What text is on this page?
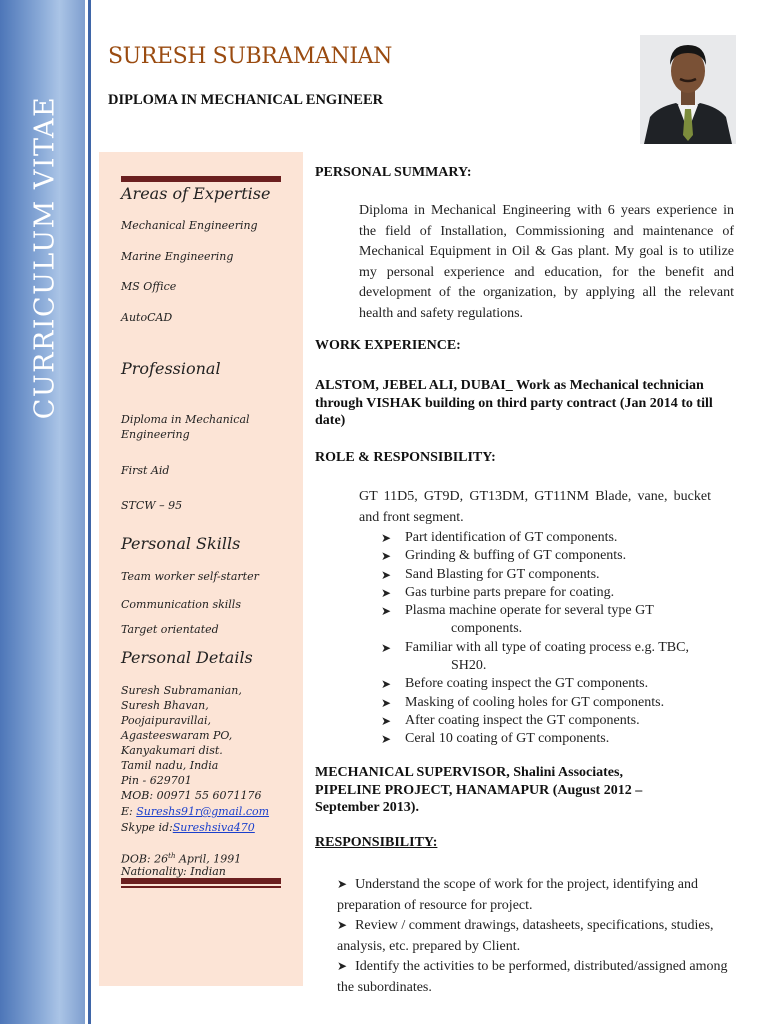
CURRICULUM VITAE
SURESH SUBRAMANIAN
DIPLOMA IN MECHANICAL ENGINEER
Areas of Expertise
Mechanical Engineering
Marine Engineering
MS Office
AutoCAD
Professional
Diploma in Mechanical Engineering
First Aid
STCW – 95
Personal Skills
Team worker self-starter
Communication skills
Target orientated
Personal Details
Suresh Subramanian,
Suresh Bhavan,
Poojaipuravillai,
Agasteeswaram PO,
Kanyakumari dist.
Tamil nadu, India
Pin - 629701
MOB: 00971 55 6071176
E: Sureshs91r@gmail.com
Skype id:Sureshsiva470
DOB: 26th April, 1991
Nationality: Indian
PERSONAL SUMMARY:
Diploma in Mechanical Engineering with 6 years experience in the field of Installation, Commissioning and maintenance of Mechanical Equipment in Oil & Gas plant. My goal is to utilize my personal experience and education, for the benefit and development of the organization, by applying all the relevant health and safety regulations.
WORK EXPERIENCE:
ALSTOM, JEBEL ALI, DUBAI_ Work as Mechanical technician through VISHAK building on third party contract (Jan 2014 to till date)
ROLE & RESPONSIBILITY:
GT 11D5, GT9D, GT13DM, GT11NM Blade, vane, bucket and front segment.
➤ Part identification of GT components.
➤ Grinding & buffing of GT components.
➤ Sand Blasting for GT components.
➤ Gas turbine parts prepare for coating.
➤ Plasma machine operate for several type GT
components.
➤ Familiar with all type of coating process e.g. TBC,
SH20.
➤ Before coating inspect the GT components.
➤ Masking of cooling holes for GT components.
➤ After coating inspect the GT components.
➤ Ceral 10 coating of GT components.
MECHANICAL SUPERVISOR, Shalini Associates, PIPELINE PROJECT, HANAMAPUR (August 2012 – September 2013).
RESPONSIBILITY:
➤ Understand the scope of work for the project, identifying and preparation of resource for project.
➤ Review / comment drawings, datasheets, specifications, studies, analysis, etc. prepared by Client.
➤ Identify the activities to be performed, distributed/assigned among the subordinates.
